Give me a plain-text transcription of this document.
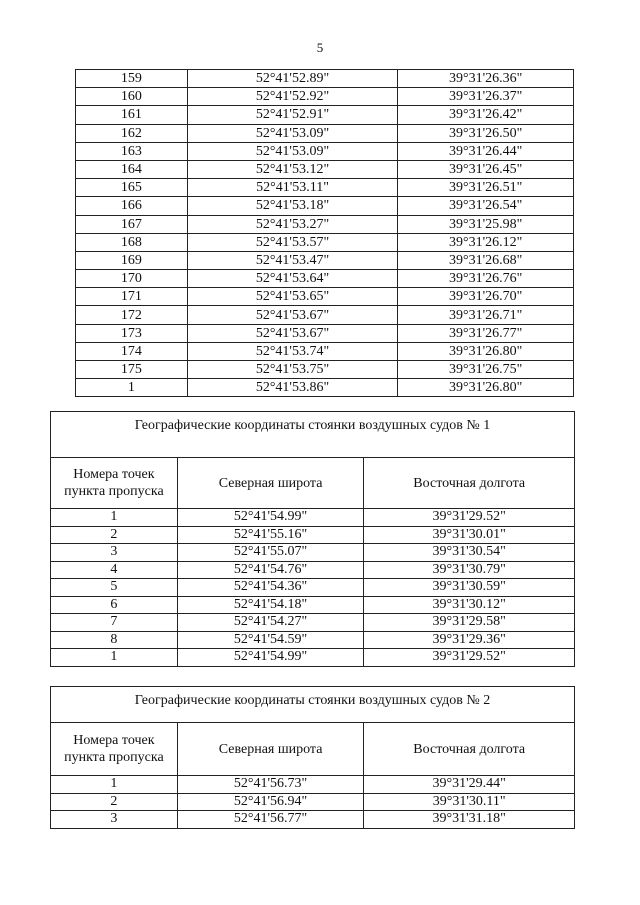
5
159	52°41'52.89"	39°31'26.36"
160	52°41'52.92"	39°31'26.37"
161	52°41'52.91"	39°31'26.42"
162	52°41'53.09"	39°31'26.50"
163	52°41'53.09"	39°31'26.44"
164	52°41'53.12"	39°31'26.45"
165	52°41'53.11"	39°31'26.51"
166	52°41'53.18"	39°31'26.54"
167	52°41'53.27"	39°31'25.98"
168	52°41'53.57"	39°31'26.12"
169	52°41'53.47"	39°31'26.68"
170	52°41'53.64"	39°31'26.76"
171	52°41'53.65"	39°31'26.70"
172	52°41'53.67"	39°31'26.71"
173	52°41'53.67"	39°31'26.77"
174	52°41'53.74"	39°31'26.80"
175	52°41'53.75"	39°31'26.75"
1	52°41'53.86"	39°31'26.80"
Географические координаты стоянки воздушных судов № 1		
Номера точек пункта пропуска	Северная широта	Восточная долгота
1	52°41'54.99"	39°31'29.52"
2	52°41'55.16"	39°31'30.01"
3	52°41'55.07"	39°31'30.54"
4	52°41'54.76"	39°31'30.79"
5	52°41'54.36"	39°31'30.59"
6	52°41'54.18"	39°31'30.12"
7	52°41'54.27"	39°31'29.58"
8	52°41'54.59"	39°31'29.36"
1	52°41'54.99"	39°31'29.52"
Географические координаты стоянки воздушных судов № 2		
Номера точек пункта пропуска	Северная широта	Восточная долгота
1	52°41'56.73"	39°31'29.44"
2	52°41'56.94"	39°31'30.11"
3	52°41'56.77"	39°31'31.18"
